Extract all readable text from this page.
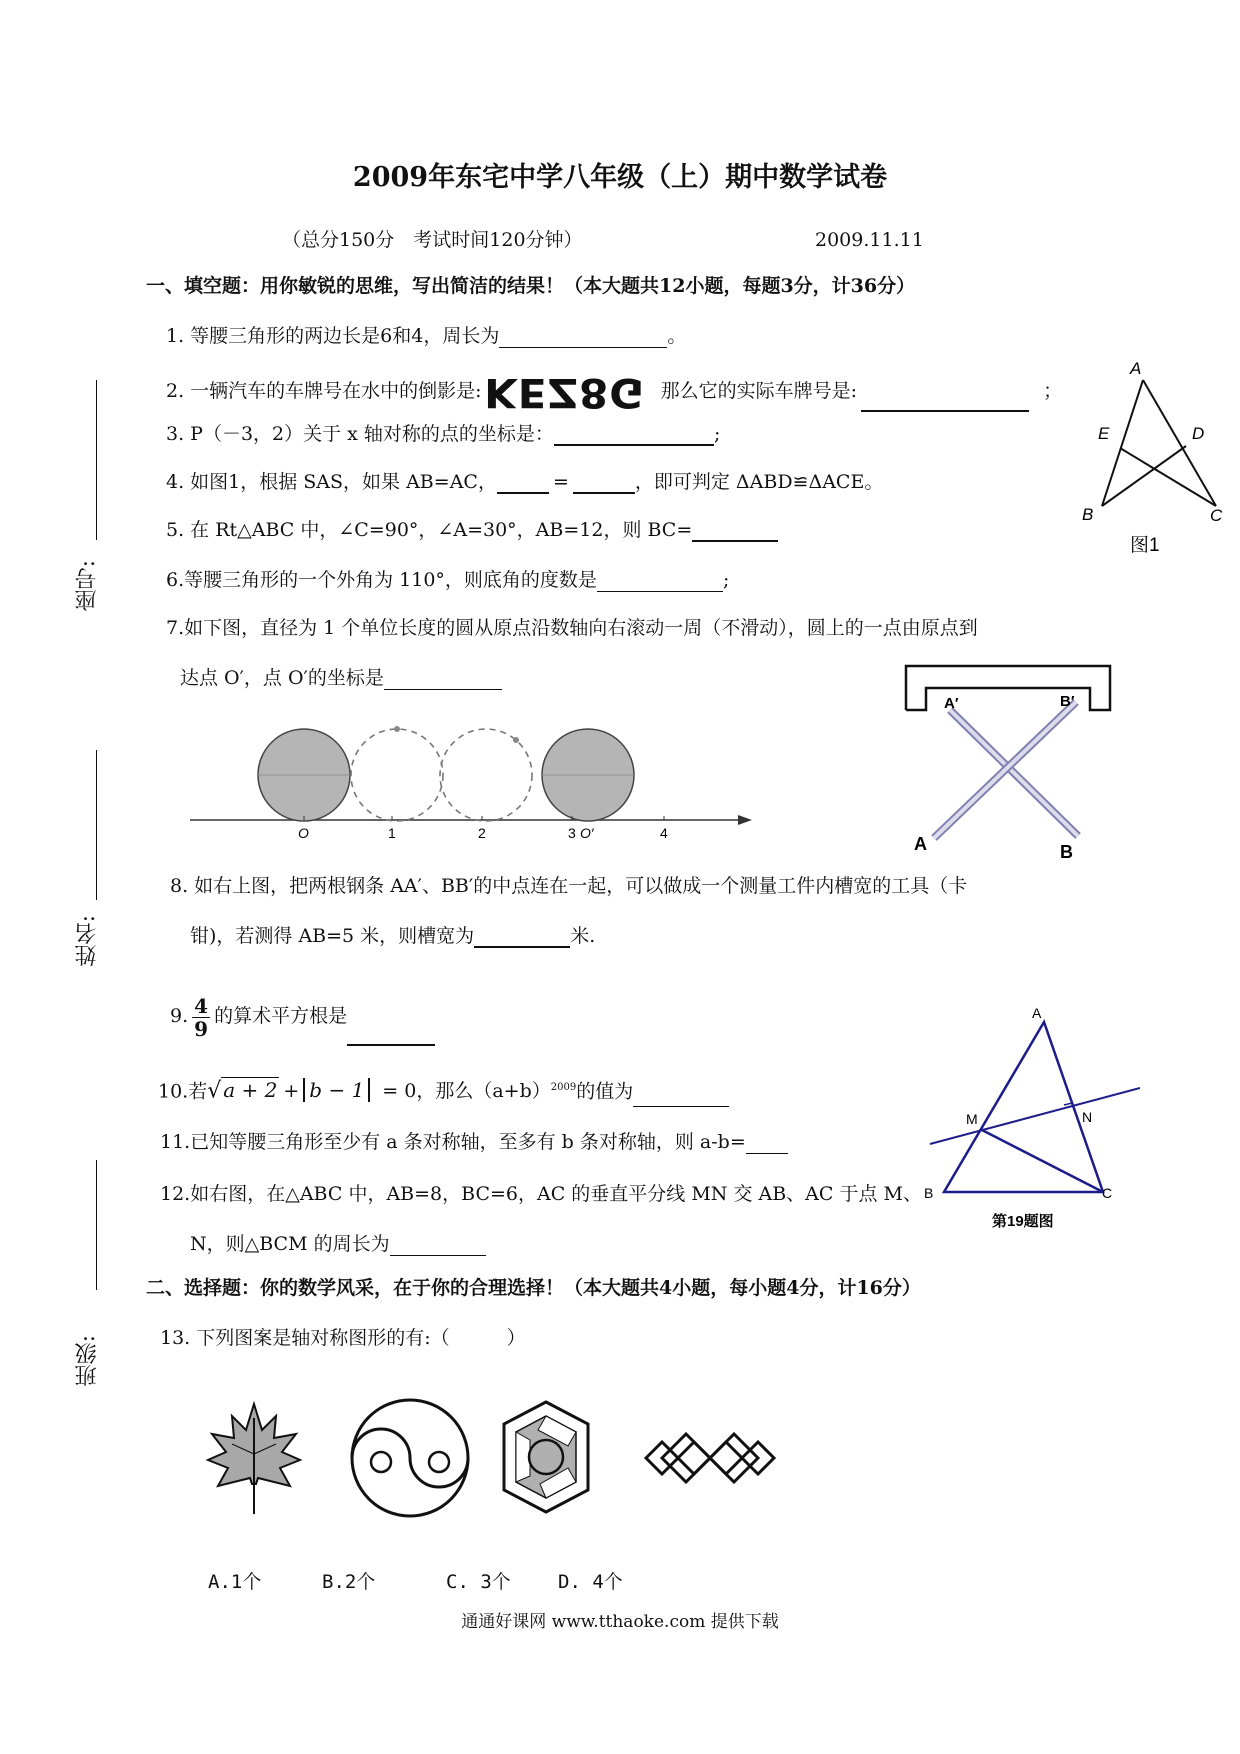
2009年东宅中学八年级（上）期中数学试卷
（总分150分　考试时间120分钟）	2009.11.11
一、填空题：用你敏锐的思维，写出简洁的结果！（本大题共12小题，每题3分，计36分）
座号:
姓名:
班级:
1. 等腰三角形的两边长是6和4，周长为	。
2. 一辆汽车的车牌号在水中的倒影是: KEZ8G 那么它的实际车牌号是:	；
3. P（－3，2）关于 x 轴对称的点的坐标是：	;
4. 如图1，根据 SAS，如果 AB=AC，	=	，即可判定 ΔABD≌ΔACE。
5. 在 Rt△ABC 中，∠C=90°，∠A=30°，AB=12，则 BC=
6.等腰三角形的一个外角为 110°，则底角的度数是	;
7.如下图，直径为 1 个单位长度的圆从原点沿数轴向右滚动一周（不滑动），圆上的一点由原点到
达点 O′，点 O′的坐标是
O	1	2	3 O′	4
A
E	D
B	C
图1
A′	B′
A	B
8. 如右上图，把两根钢条 AA′、BB′的中点连在一起，可以做成一个测量工件内槽宽的工具（卡
钳)，若测得 AB=5 米，则槽宽为	米.
9. $\frac{4}{9}$ 的算术平方根是
10.若√ a + 2 + b − 1 = 0，那么$(a+b)^{2009}$的值为
11.已知等腰三角形至少有 a 条对称轴，至多有 b 条对称轴，则 a-b=
12.如右图，在△ABC 中，AB=8，BC=6，AC 的垂直平分线 MN 交 AB、AC 于点 M、
N，则△BCM 的周长为
A
M	N
B	C
第19题图
二、选择题：你的数学风采，在于你的合理选择！（本大题共4小题，每小题4分，计16分）
13. 下列图案是轴对称图形的有:（　　　）
A.1个	B.2个	C. 3个 D. 4个
通通好课网 www.tthaoke.com 提供下载
